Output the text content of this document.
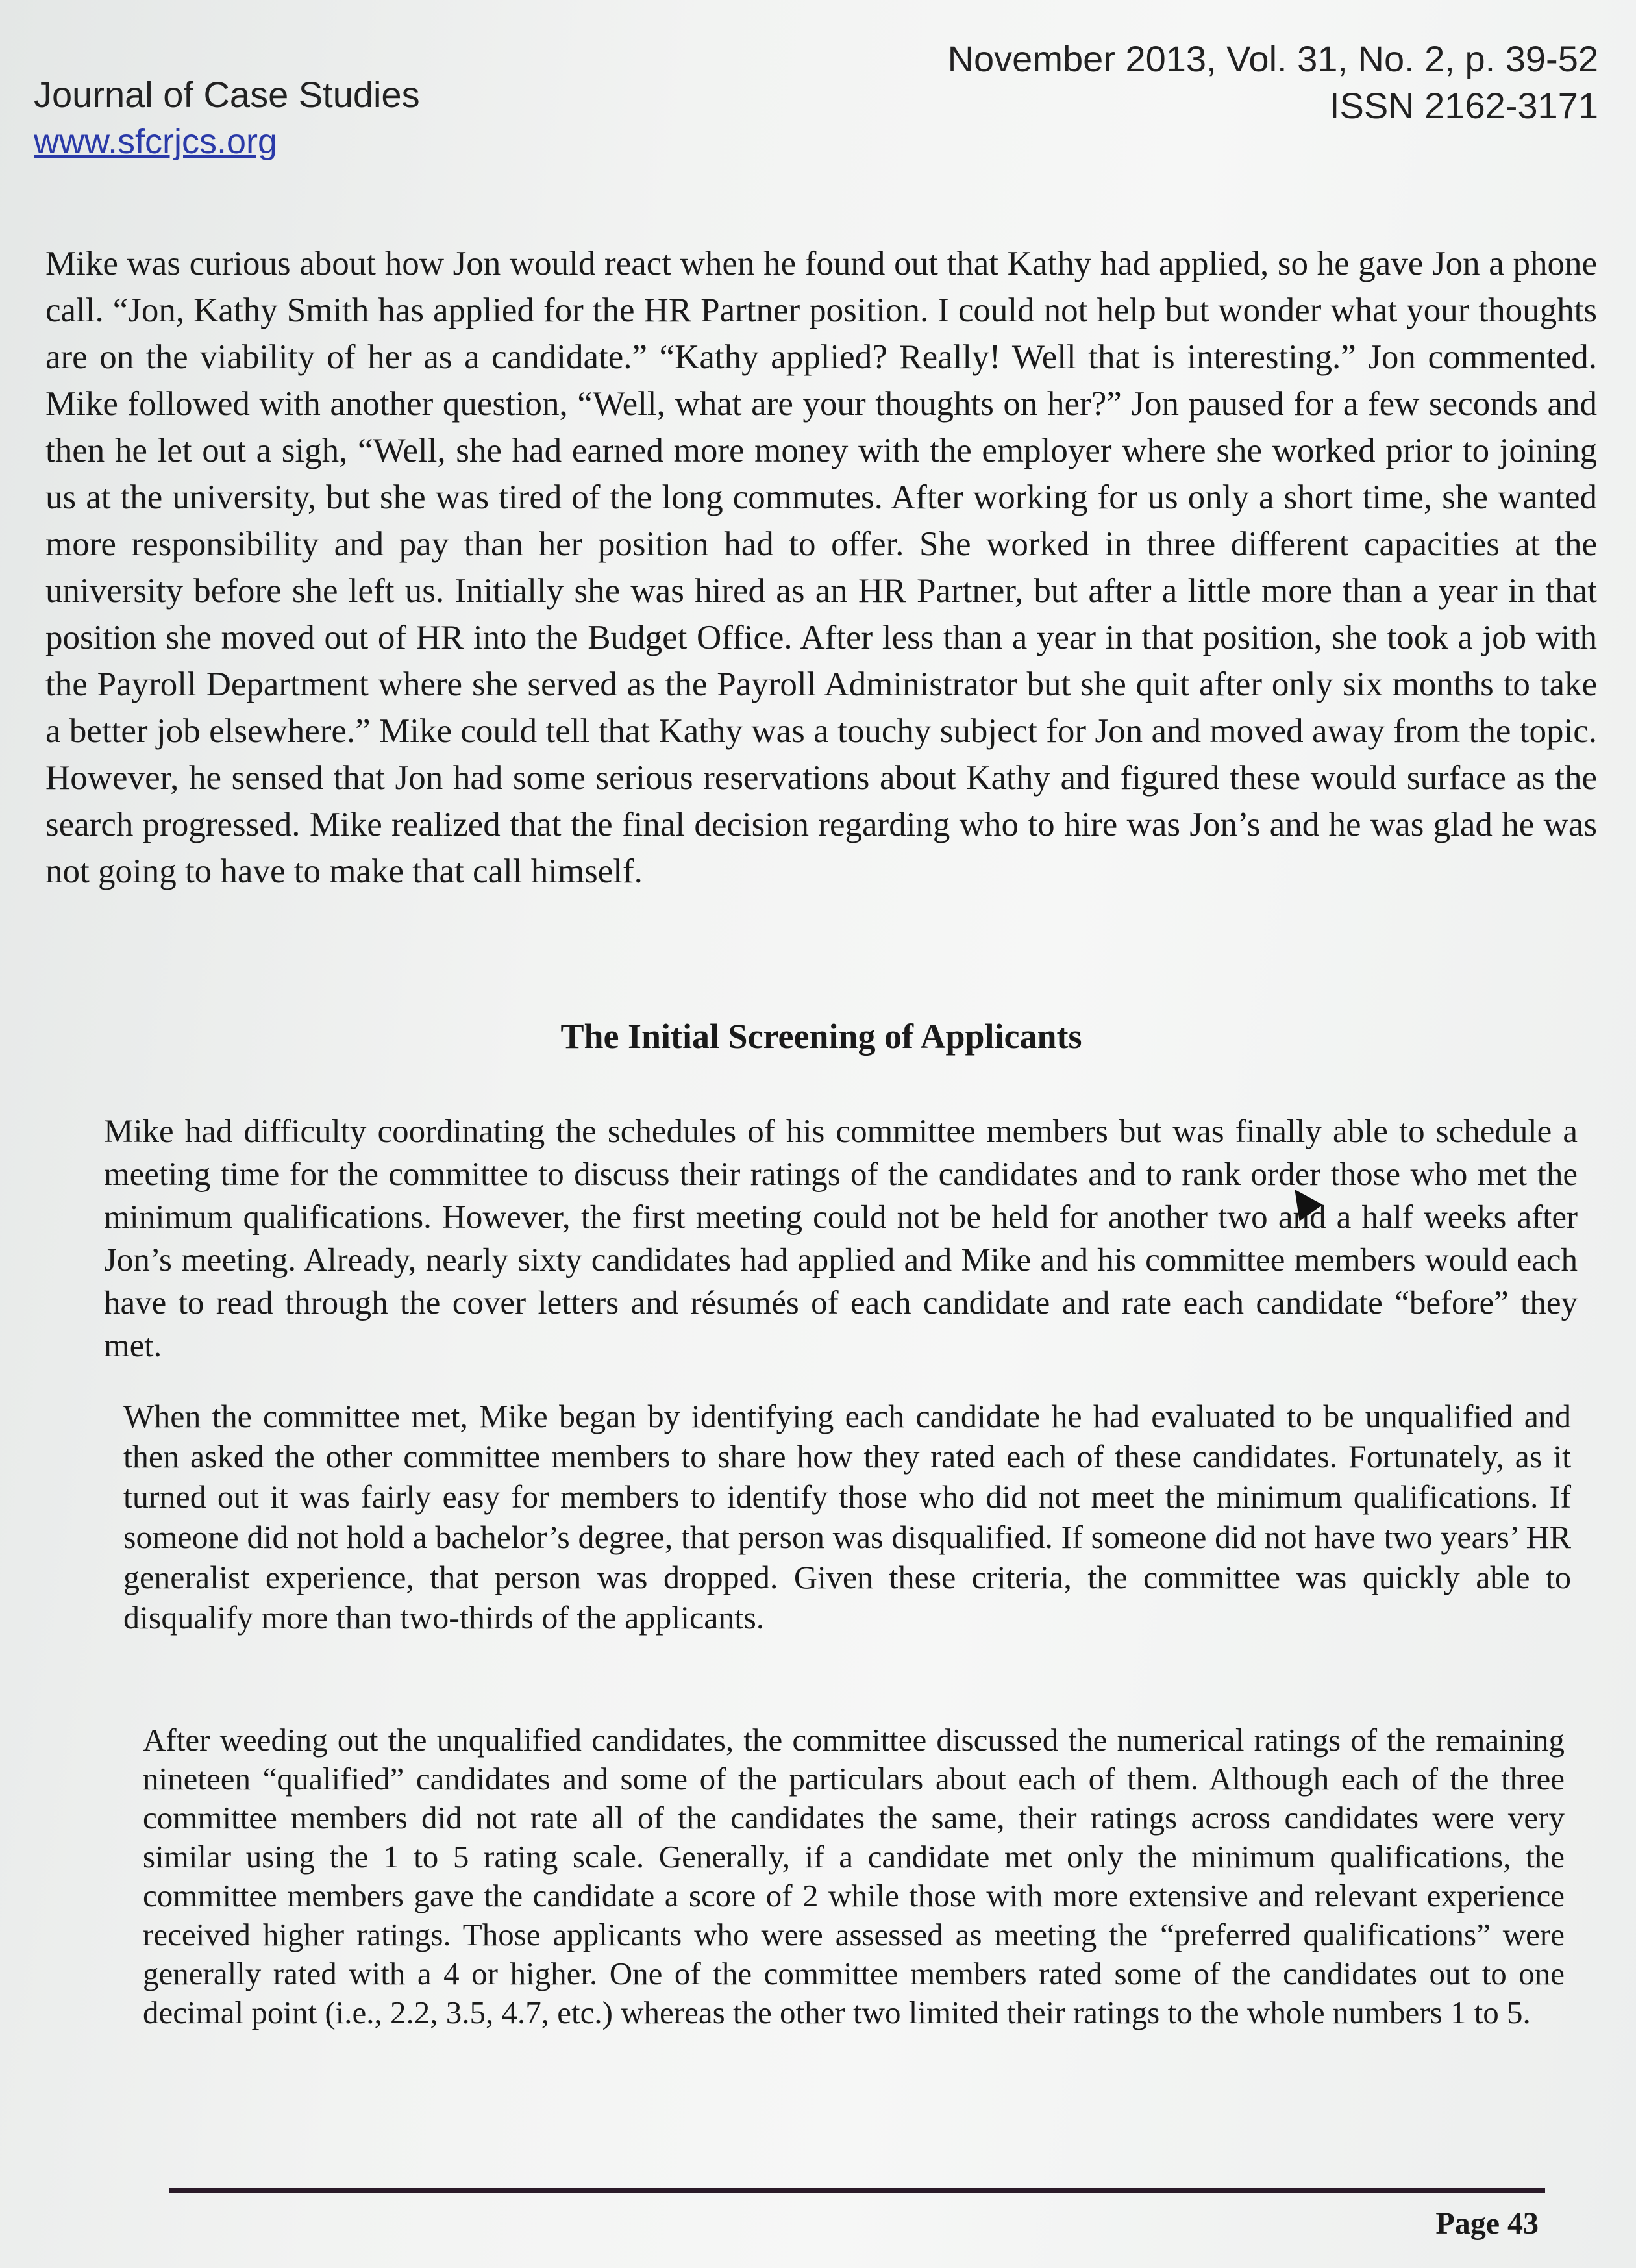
Journal of Case Studies
www.sfcrjcs.org
November 2013, Vol. 31, No. 2, p. 39-52
ISSN 2162-3171

Mike was curious about how Jon would react when he found out that Kathy had applied, so he gave Jon a phone call. “Jon, Kathy Smith has applied for the HR Partner position. I could not help but wonder what your thoughts are on the viability of her as a candidate.” “Kathy applied? Really! Well that is interesting.” Jon commented. Mike followed with another question, “Well, what are your thoughts on her?” Jon paused for a few seconds and then he let out a sigh, “Well, she had earned more money with the employer where she worked prior to joining us at the university, but she was tired of the long commutes. After working for us only a short time, she wanted more responsibility and pay than her position had to offer. She worked in three different capacities at the university before she left us. Initially she was hired as an HR Partner, but after a little more than a year in that position she moved out of HR into the Budget Office. After less than a year in that position, she took a job with the Payroll Department where she served as the Payroll Administrator but she quit after only six months to take a better job elsewhere.” Mike could tell that Kathy was a touchy subject for Jon and moved away from the topic. However, he sensed that Jon had some serious reservations about Kathy and figured these would surface as the search progressed. Mike realized that the final decision regarding who to hire was Jon’s and he was glad he was not going to have to make that call himself.

The Initial Screening of Applicants

Mike had difficulty coordinating the schedules of his committee members but was finally able to schedule a meeting time for the committee to discuss their ratings of the candidates and to rank order those who met the minimum qualifications. However, the first meeting could not be held for another two and a half weeks after Jon’s meeting. Already, nearly sixty candidates had applied and Mike and his committee members would each have to read through the cover letters and résumés of each candidate and rate each candidate “before” they met.

When the committee met, Mike began by identifying each candidate he had evaluated to be unqualified and then asked the other committee members to share how they rated each of these candidates. Fortunately, as it turned out it was fairly easy for members to identify those who did not meet the minimum qualifications. If someone did not hold a bachelor’s degree, that person was disqualified. If someone did not have two years’ HR generalist experience, that person was dropped. Given these criteria, the committee was quickly able to disqualify more than two-thirds of the applicants.

After weeding out the unqualified candidates, the committee discussed the numerical ratings of the remaining nineteen “qualified” candidates and some of the particulars about each of them. Although each of the three committee members did not rate all of the candidates the same, their ratings across candidates were very similar using the 1 to 5 rating scale. Generally, if a candidate met only the minimum qualifications, the committee members gave the candidate a score of 2 while those with more extensive and relevant experience received higher ratings. Those applicants who were assessed as meeting the “preferred qualifications” were generally rated with a 4 or higher. One of the committee members rated some of the candidates out to one decimal point (i.e., 2.2, 3.5, 4.7, etc.) whereas the other two limited their ratings to the whole numbers 1 to 5.

Page 43
